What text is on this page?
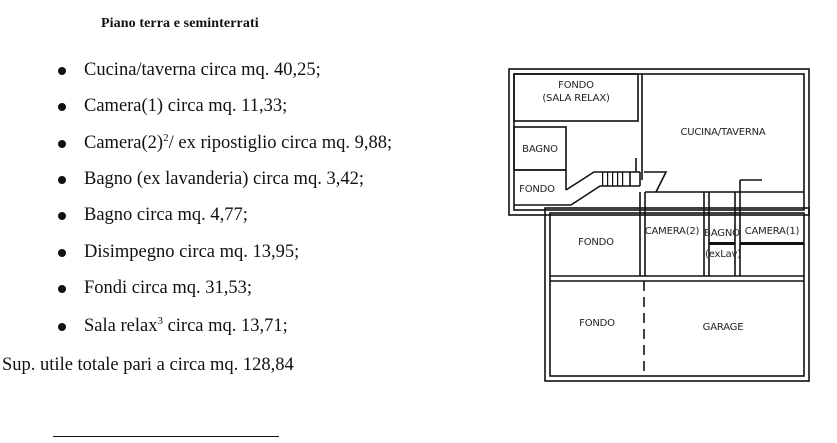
Piano terra e seminterrati
Cucina/taverna circa mq. 40,25;
Camera(1) circa mq. 11,33;
$Camera(2)^2/$ ex ripostiglio circa mq. 9,88;
Bagno (ex lavanderia) circa mq. 3,42;
Bagno circa mq. 4,77;
Disimpegno circa mq. 13,95;
Fondi circa mq. 31,53;
Sala relax$^3$ circa mq. 13,71;
Sup. utile totale pari a circa mq. 128,84
FONDO
(SALA RELAX)
CUCINA/TAVERNA
BAGNO
FONDO
FONDO
CAMERA(2) BAGNO
(exLav)
CAMERA(1)
FONDO	GARAGE
